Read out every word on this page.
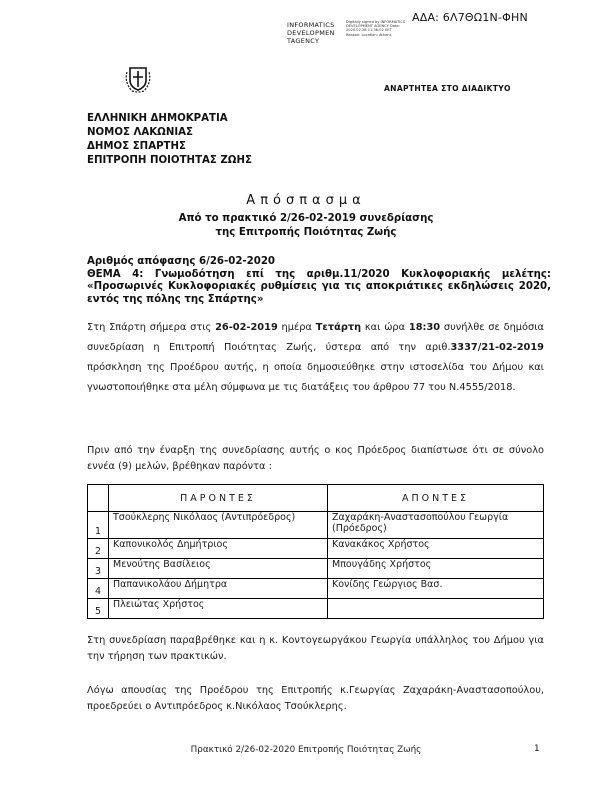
ΑΔΑ: 6Λ7ΘΩ1Ν-ΦΗΝ
INFORMATICS
DEVELOPMEN
TAGENCY
Digitally signed by INFORMATICS DEVELOPMENT AGENCY Date: 2020.02.28 11:36:02 EET Reason: Location: Athens
ΑΝΑΡΤΗΤΕΑ ΣΤΟ ΔΙΑΔΙΚΤΥΟ
ΕΛΛΗΝΙΚΗ ΔΗΜΟΚΡΑΤΙΑ
ΝΟΜΟΣ ΛΑΚΩΝΙΑΣ
ΔΗΜΟΣ ΣΠΑΡΤΗΣ
ΕΠΙΤΡΟΠΗ ΠΟΙΟΤΗΤΑΣ ΖΩΗΣ
Απόσπασμα
Από το πρακτικό 2/26-02-2019 συνεδρίασης
της Επιτροπής Ποιότητας Ζωής
Αριθμός απόφασης 6/26-02-2020
ΘΕΜΑ 4: Γνωμοδότηση επί της αριθμ.11/2020 Κυκλοφοριακής μελέτης: «Προσωρινές Κυκλοφοριακές ρυθμίσεις για τις αποκριάτικες εκδηλώσεις 2020, εντός της πόλης της Σπάρτης»
Στη Σπάρτη σήμερα στις 26-02-2019 ημέρα Τετάρτη και ώρα 18:30 συνήλθε σε δημόσια συνεδρίαση η Επιτροπή Ποιότητας Ζωής, ύστερα από την αριθ.3337/21-02-2019 πρόσκληση της Προέδρου αυτής, η οποία δημοσιεύθηκε στην ιστοσελίδα του Δήμου και γνωστοποιήθηκε στα μέλη σύμφωνα με τις διατάξεις του άρθρου 77 του Ν.4555/2018.
Πριν από την έναρξη της συνεδρίασης αυτής ο κος Πρόεδρος διαπίστωσε ότι σε σύνολο εννέα (9) μελών, βρέθηκαν παρόντα :
	ΠΑΡΟΝΤΕΣ	ΑΠΟΝΤΕΣ
1	Τσούκλερης Νικόλαος (Αντιπρόεδρος)	Ζαχαράκη-Αναστασοπούλου Γεωργία (Πρόεδρος)
2	Καπονικολός Δημήτριος	Κανακάκος Χρήστος
3	Μενούτης Βασίλειος	Μπουγάδης Χρήστος
4	Παπανικολάου Δήμητρα	Κονίδης Γεώργιος Βασ.
5	Πλειώτας Χρήστος	
Στη συνεδρίαση παραβρέθηκε και η κ. Κοντογεωργάκου Γεωργία υπάλληλος του Δήμου για την τήρηση των πρακτικών.
Λόγω απουσίας της Προέδρου της Επιτροπής κ.Γεωργίας Ζαχαράκη-Αναστασοπούλου, προεδρεύει ο Αντιπρόεδρος κ.Νικόλαος Τσούκλερης.
Πρακτικό 2/26-02-2020 Επιτροπής Ποιότητας Ζωής	1
